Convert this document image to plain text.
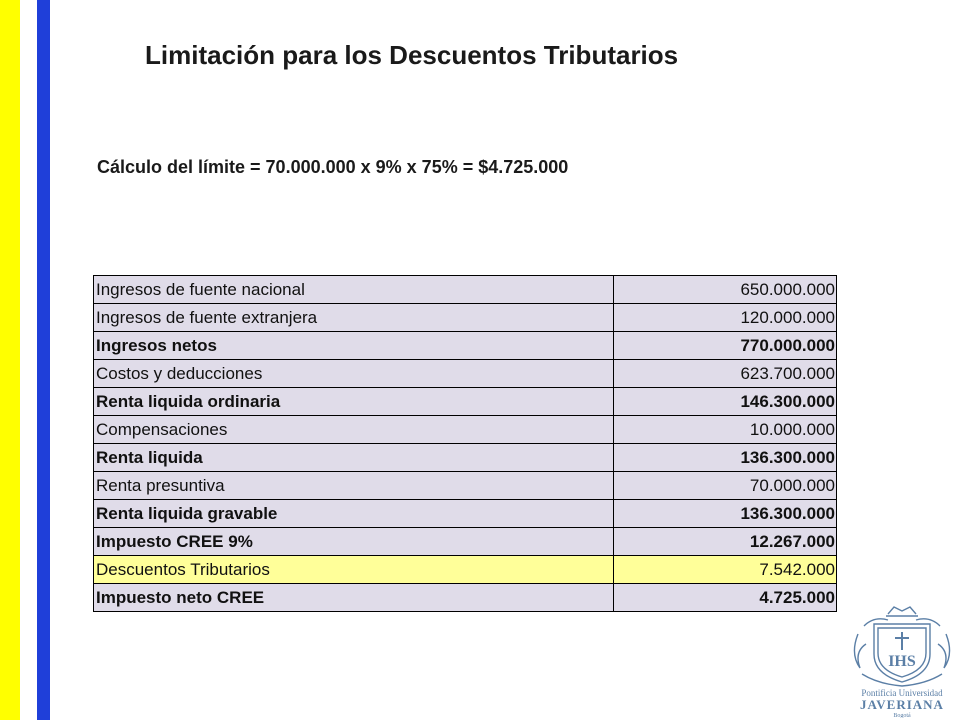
Limitación para los Descuentos Tributarios
Cálculo del límite = 70.000.000 x 9% x 75% = $4.725.000
Ingresos de fuente nacional	650.000.000
Ingresos de fuente extranjera	120.000.000
Ingresos netos	770.000.000
Costos y deducciones	623.700.000
Renta liquida ordinaria	146.300.000
Compensaciones	10.000.000
Renta liquida	136.300.000
Renta presuntiva	70.000.000
Renta liquida gravable	136.300.000
Impuesto CREE 9%	12.267.000
Descuentos Tributarios	7.542.000
Impuesto neto CREE	4.725.000
IHS
Pontificia Universidad
JAVERIANA
Bogotá
